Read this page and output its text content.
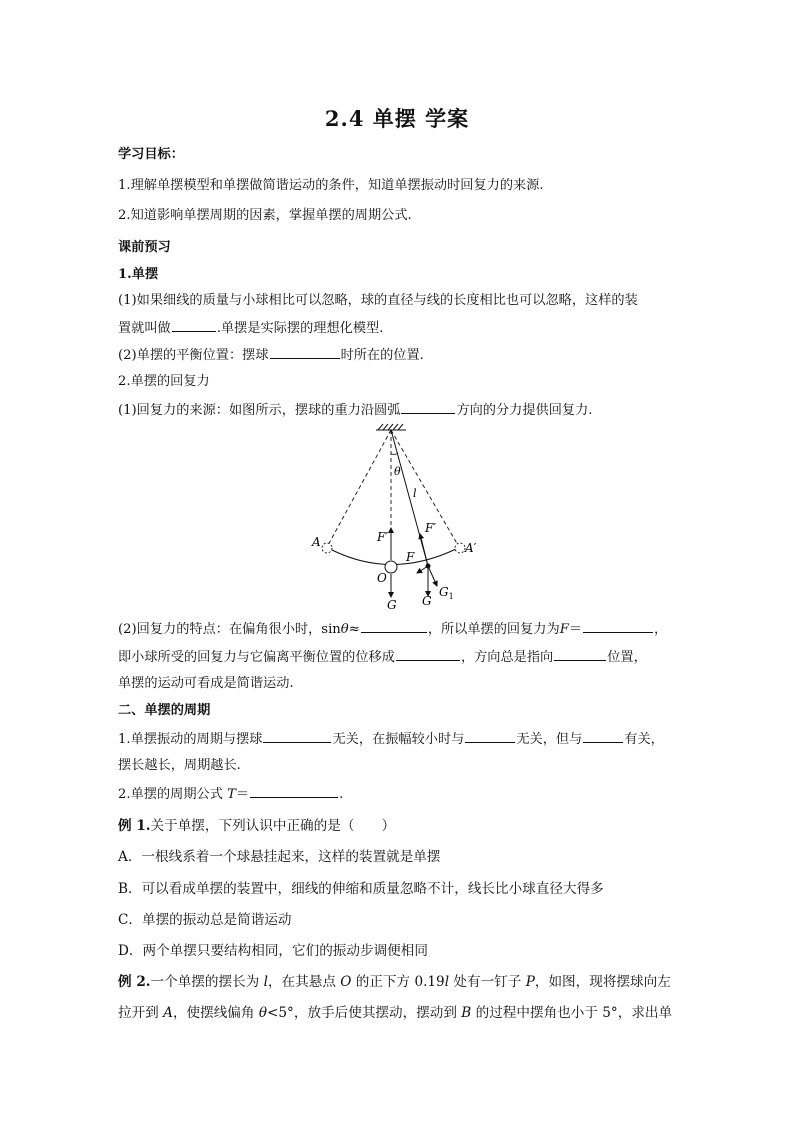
2.4 单摆 学案
学习目标：
1.理解单摆模型和单摆做简谐运动的条件，知道单摆振动时回复力的来源.
2.知道影响单摆周期的因素，掌握单摆的周期公式.
课前预习
1.单摆
(1)如果细线的质量与小球相比可以忽略，球的直径与线的长度相比也可以忽略，这样的装
置就叫做	.单摆是实际摆的理想化模型.
(2)单摆的平衡位置：摆球	时所在的位置.
2.单摆的回复力
(1)回复力的来源：如图所示，摆球的重力沿圆弧	方向的分力提供回复力.
A	A′
O
θ
l
F′
F′
F
G G
$G_1$
(2)回复力的特点：在偏角很小时，sinθ≈	，所以单摆的回复力为F＝	，
即小球所受的回复力与它偏离平衡位置的位移成	，方向总是指向	位置，
单摆的运动可看成是简谐运动.
二、单摆的周期
1.单摆振动的周期与摆球	无关，在振幅较小时与	无关，但与	有关，
摆长越长，周期越长.
2.单摆的周期公式 T＝	.
例 1.关于单摆，下列认识中正确的是（　　）
A．一根线系着一个球悬挂起来，这样的装置就是单摆
B．可以看成单摆的装置中，细线的伸缩和质量忽略不计，线长比小球直径大得多
C．单摆的振动总是简谐运动
D．两个单摆只要结构相同，它们的振动步调便相同
例 2.一个单摆的摆长为 l，在其悬点 O 的正下方 0.19l 处有一钉子 P，如图，现将摆球向左
拉开到 A，使摆线偏角 θ<5°，放手后使其摆动，摆动到 B 的过程中摆角也小于 5°，求出单
